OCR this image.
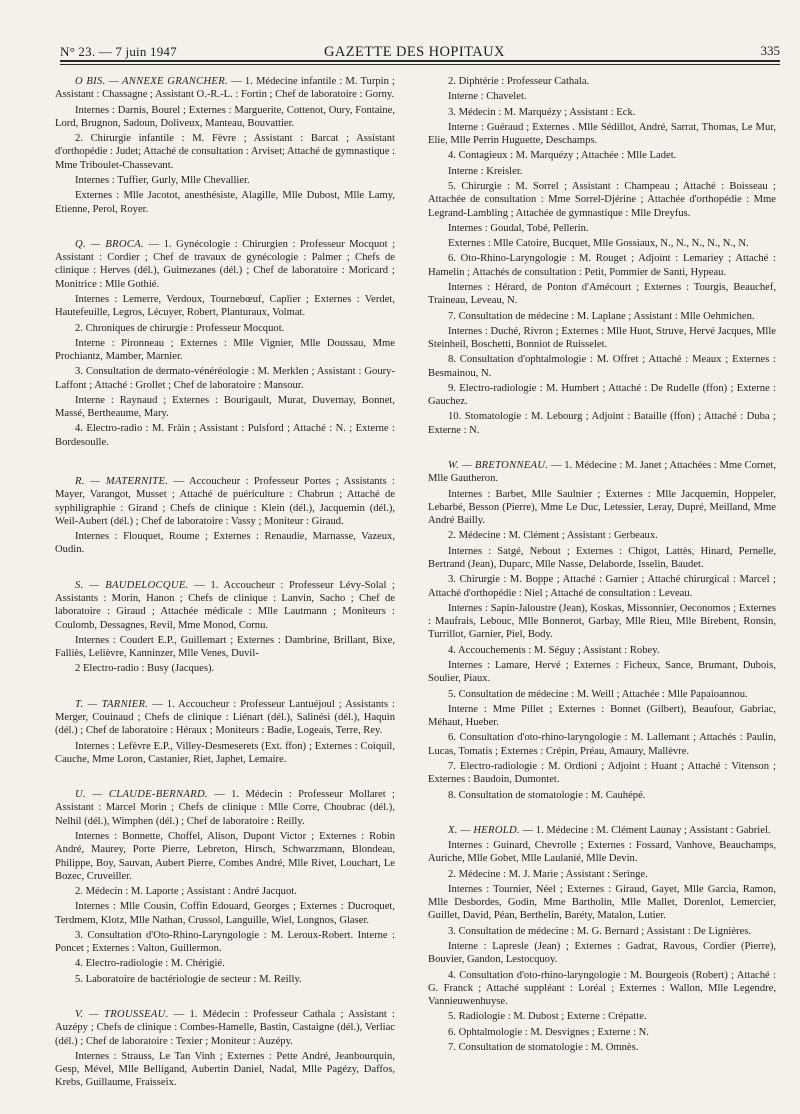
N° 23. — 7 juin 1947	GAZETTE DES HOPITAUX	335

O BIS. — ANNEXE GRANCHER. — 1. Médecine infantile : M. Turpin ; Assistant : Chassagne ; Assistant O.-R.-L. : Fortin ; Chef de laboratoire : Gorny.

Internes : Darnis, Bourel ; Externes : Marguerite, Cottenot, Oury, Fontaine, Lord, Brugnon, Sadoun, Doliveux, Manteau, Bouvattier.

2. Chirurgie infantile : M. Fèvre ; Assistant : Barcat ; Assistant d'orthopédie : Judet; Attaché de consultation : Arviset; Attaché de gymnastique : Mme Triboulet-Chassevant.

Internes : Tuffier, Gurly, Mlle Chevallier.

Externes : Mlle Jacotot, anesthésiste, Alagille, Mlle Dubost, Mlle Lamy, Etienne, Perol, Royer.

Q. — BROCA. — 1. Gynécologie : Chirurgien : Professeur Mocquot ; Assistant : Cordier ; Chef de travaux de gynécologie : Palmer ; Chefs de clinique : Herves (dél.), Guimezanes (dél.) ; Chef de laboratoire : Moricard ; Monitrice : Mlle Gothié.

Internes : Lemerre, Verdoux, Tournebœuf, Caplier ; Externes : Verdet, Hautefeuille, Legros, Lécuyer, Robert, Planturaux, Volmat.

2. Chroniques de chirurgie : Professeur Mocquot.

Interne : Pironneau ; Externes : Mlle Vignier, Mlle Doussau, Mme Prochiantz, Mamber, Marnier.

3. Consultation de dermato-vénéréologie : M. Merklen ; Assistant : Goury-Laffont ; Attaché : Grollet ; Chef de laboratoire : Mansour.

Interne : Raynaud ; Externes : Bourigault, Murat, Duvernay, Bonnet, Massé, Bertheaume, Mary.

4. Electro-radio : M. Fràin ; Assistant : Pulsford ; Attaché : N. ; Externe : Bordesoulle.

R. — MATERNITE. — Accoucheur : Professeur Portes ; Assistants : Mayer, Varangot, Musset ; Attaché de puériculture : Chabrun ; Attaché de syphiligraphie : Girand ; Chefs de clinique : Klein (dél.), Jacquemin (dél.), Weil-Aubert (dél.) ; Chef de laboratoire : Vassy ; Moniteur : Giraud.

Internes : Flouquet, Roume ; Externes : Renaudie, Marnasse, Vazeux, Oudin.

S. — BAUDELOCQUE. — 1. Accoucheur : Professeur Lévy-Solal ; Assistants : Morin, Hanon ; Chefs de clinique : Lanvin, Sacho ; Chef de laboratoire : Giraud ; Attachée médicale : Mlle Lautmann ; Moniteurs : Coulomb, Dessagnes, Revil, Mme Monod, Cornu.

Internes : Coudert E.P., Guillemart ; Externes : Dambrine, Brillant, Bixe, Falliès, Lelièvre, Kanninzer, Mlle Venes, Duvil-

2 Electro-radio : Busy (Jacques).

T. — TARNIER. — 1. Accoucheur : Professeur Lantuéjoul ; Assistants : Merger, Couinaud ; Chefs de clinique : Liénart (dél.), Salinési (dél.), Haquin (dél.) ; Chef de laboratoire : Héraux ; Moniteurs : Badie, Logeais, Terre, Rey.

Internes : Lefèvre E.P., Villey-Desmeserets (Ext. ffon) ; Externes : Coiquil, Cauche, Mme Loron, Castanier, Riet, Japhet, Lemaire.

U. — CLAUDE-BERNARD. — 1. Médecin : Professeur Mollaret ; Assistant : Marcel Morin ; Chefs de clinique : Mlle Corre, Choubrac (dél.), Nelhil (dél.), Wimphen (dél.) ; Chef de laboratoire : Reilly.

Internes : Bonnette, Choffel, Alison, Dupont Victor ; Externes : Robin André, Maurey, Porte Pierre, Lebreton, Hirsch, Schwarzmann, Blondeau, Philippe, Boy, Sauvan, Aubert Pierre, Combes André, Mlle Rivet, Louchart, Le Bozec, Cruveiller.

2. Médecin : M. Laporte ; Assistant : André Jacquot.

Internes : Mlle Cousin, Coffin Edouard, Georges ; Externes : Ducroquet, Terdmem, Klotz, Mlle Nathan, Crussol, Languille, Wiel, Longnos, Glaser.

3. Consultation d'Oto-Rhino-Laryngologie : M. Leroux-Robert. Interne : Poncet ; Externes : Valton, Guillermon.

4. Electro-radiologie : M. Chérigié.

5. Laboratoire de bactériologie de secteur : M. Reilly.

V. — TROUSSEAU. — 1. Médecin : Professeur Cathala ; Assistant : Auzépy ; Chefs de clinique : Combes-Hamelle, Bastin, Castaigne (dél.), Verliac (dél.) ; Chef de laboratoire : Texier ; Moniteur : Auzépy.

Internes : Strauss, Le Tan Vinh ; Externes : Pette André, Jeanbourquin, Gesp, Mével, Mlle Belligand, Aubertin Daniel, Nadal, Mlle Pagézy, Daffos, Krebs, Guillaume, Fraisseix.

2. Diphtérie : Professeur Cathala.

Interne : Chavelet.

3. Médecin : M. Marquézy ; Assistant : Eck.

Interne : Guéraud ; Externes . Mlle Sédillot, André, Sarrat, Thomas, Le Mur, Elie, Mlle Perrin Huguette, Deschamps.

4. Contagieux : M. Marquézy ; Attachée : Mlle Ladet.

Interne : Kreisler.

5. Chirurgie : M. Sorrel ; Assistant : Champeau ; Attaché : Boisseau ; Attachée de consultation : Mme Sorrel-Djérine ; Attachée d'orthopédie : Mme Legrand-Lambling ; Attachée de gymnastique : Mlle Dreyfus.

Internes : Goudal, Tobé, Pellerin.

Externes : Mlle Catoire, Bucquet, Mlle Gossiaux, N., N., N., N., N., N.

6. Oto-Rhino-Laryngologie : M. Rouget ; Adjoint : Lemariey ; Attaché : Hamelin ; Attachés de consultation : Petit, Pommier de Santi, Hypeau.

Internes : Hérard, de Ponton d'Amécourt ; Externes : Tourgis, Beauchef, Traineau, Leveau, N.

7. Consultation de médecine : M. Laplane ; Assistant : Mlle Oehmichen.

Internes : Duché, Rivron ; Externes : Mlle Huot, Struve, Hervé Jacques, Mlle Steinheil, Boschetti, Bonniot de Ruisselet.

8. Consultation d'ophtalmologie : M. Offret ; Attaché : Meaux ; Externes : Besmainou, N.

9. Electro-radiologie : M. Humbert ; Attaché : De Rudelle (ffon) ; Externe : Gauchez.

10. Stomatologie : M. Lebourg ; Adjoint : Bataille (ffon) ; Attaché : Duba ; Externe : N.

W. — BRETONNEAU. — 1. Médecine : M. Janet ; Attachées : Mme Cornet, Mlle Gautheron.

Internes : Barbet, Mlle Saulnier ; Externes : Mlle Jacquemin, Hoppeler, Lebarbé, Besson (Pierre), Mme Le Duc, Letessier, Leray, Dupré, Meilland, Mme André Bailly.

2. Médecine : M. Clément ; Assistant : Gerbeaux.

Internes : Satgé, Nebout ; Externes : Chigot, Lattès, Hinard, Pernelle, Bertrand (Jean), Duparc, Mlle Nasse, Delaborde, Isselin, Baudet.

3. Chirurgie : M. Boppe ; Attaché : Garnier ; Attaché chirurgical : Marcel ; Attaché d'orthopédie : Niel ; Attaché de consultation : Leveau.

Internes : Sapin-Jaloustre (Jean), Koskas, Missonnier, Oeconomos ; Externes : Maufrais, Lebouc, Mlle Bonnerot, Garbay, Mlle Rieu, Mlle Birebent, Ronsin, Turrillot, Garnier, Piel, Body.

4. Accouchements : M. Séguy ; Assistant : Robey.

Internes : Lamare, Hervé ; Externes : Ficheux, Sance, Brumant, Dubois, Soulier, Piaux.

5. Consultation de médecine : M. Weill ; Attachée : Mlle Papaioannou.

Interne : Mme Pillet ; Externes : Bonnet (Gilbert), Beaufour, Gabriac, Méhaut, Hueber.

6. Consultation d'oto-rhino-laryngologie : M. Lallemant ; Attachés : Paulin, Lucas, Tomatis ; Externes : Crépin, Préau, Amaury, Mallèvre.

7. Electro-radiologie : M. Ordioni ; Adjoint : Huant ; Attaché : Vitenson ; Externes : Baudoin, Dumontet.

8. Consultation de stomatologie : M. Cauhépé.

X. — HEROLD. — 1. Médecine : M. Clément Launay ; Assistant : Gabriel.

Internes : Guinard, Chevrolle ; Externes : Fossard, Vanhove, Beauchamps, Auriche, Mlle Gobet, Mlle Laulanié, Mlle Devin.

2. Médecine : M. J. Marie ; Assistant : Seringe.

Internes : Tournier, Néel ; Externes : Giraud, Gayet, Mlle Garcia, Ramon, Mlle Desbordes, Godin, Mme Bartholin, Mlle Mallet, Dorenlot, Lemercier, Guillet, David, Péan, Berthelin, Baréty, Matalon, Lutier.

3. Consultation de médecine : M. G. Bernard ; Assistant : De Lignières.

Interne : Lapresle (Jean) ; Externes : Gadrat, Ravous, Cordier (Pierre), Bouvier, Gandon, Lestocquoy.

4. Consultation d'oto-rhino-laryngologie : M. Bourgeois (Robert) ; Attaché : G. Franck ; Attaché suppléant : Loréal ; Externes : Wallon, Mlle Legendre, Vannieuwenhuyse.

5. Radiologie : M. Dubost ; Externe : Crépatte.

6. Ophtalmologie : M. Desvignes ; Externe : N.

7. Consultation de stomatologie : M. Omnès.
